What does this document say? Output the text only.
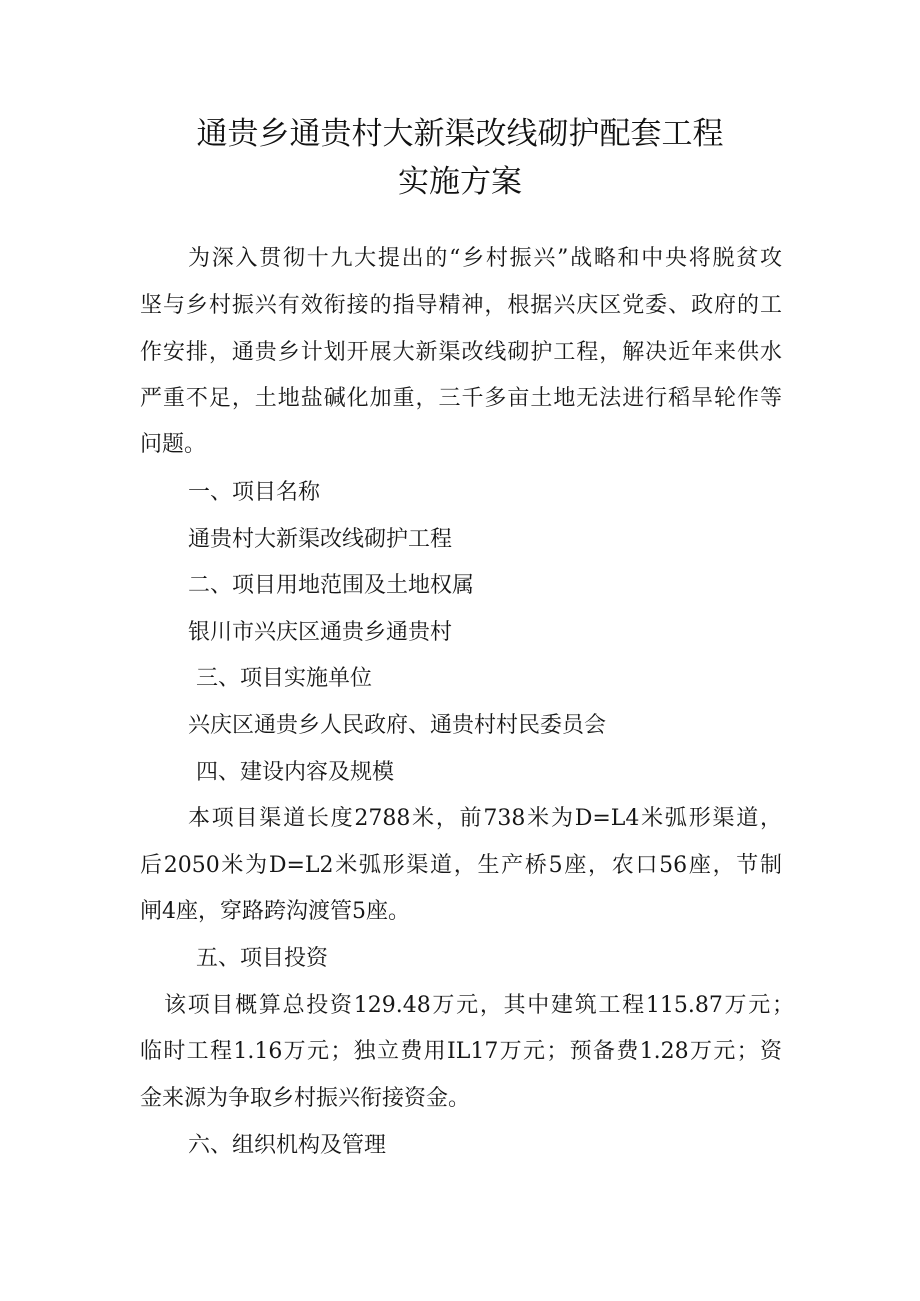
通贵乡通贵村大新渠改线砌护配套工程
实施方案
为深入贯彻十九大提出的“乡村振兴”战略和中央将脱贫攻
坚与乡村振兴有效衔接的指导精神，根据兴庆区党委、政府的工
作安排，通贵乡计划开展大新渠改线砌护工程，解决近年来供水
严重不足，土地盐碱化加重，三千多亩土地无法进行稻旱轮作等
问题。
一、项目名称
通贵村大新渠改线砌护工程
二、项目用地范围及土地权属
银川市兴庆区通贵乡通贵村
三、项目实施单位
兴庆区通贵乡人民政府、通贵村村民委员会
四、建设内容及规模
本项目渠道长度2788米，前738米为D=L4米弧形渠道，
后2050米为D=L2米弧形渠道，生产桥5座，农口56座，节制
闸4座，穿路跨沟渡管5座。
五、项目投资
该项目概算总投资129.48万元，其中建筑工程115.87万元；
临时工程1.16万元；独立费用IL17万元；预备费1.28万元；资
金来源为争取乡村振兴衔接资金。
六、组织机构及管理
